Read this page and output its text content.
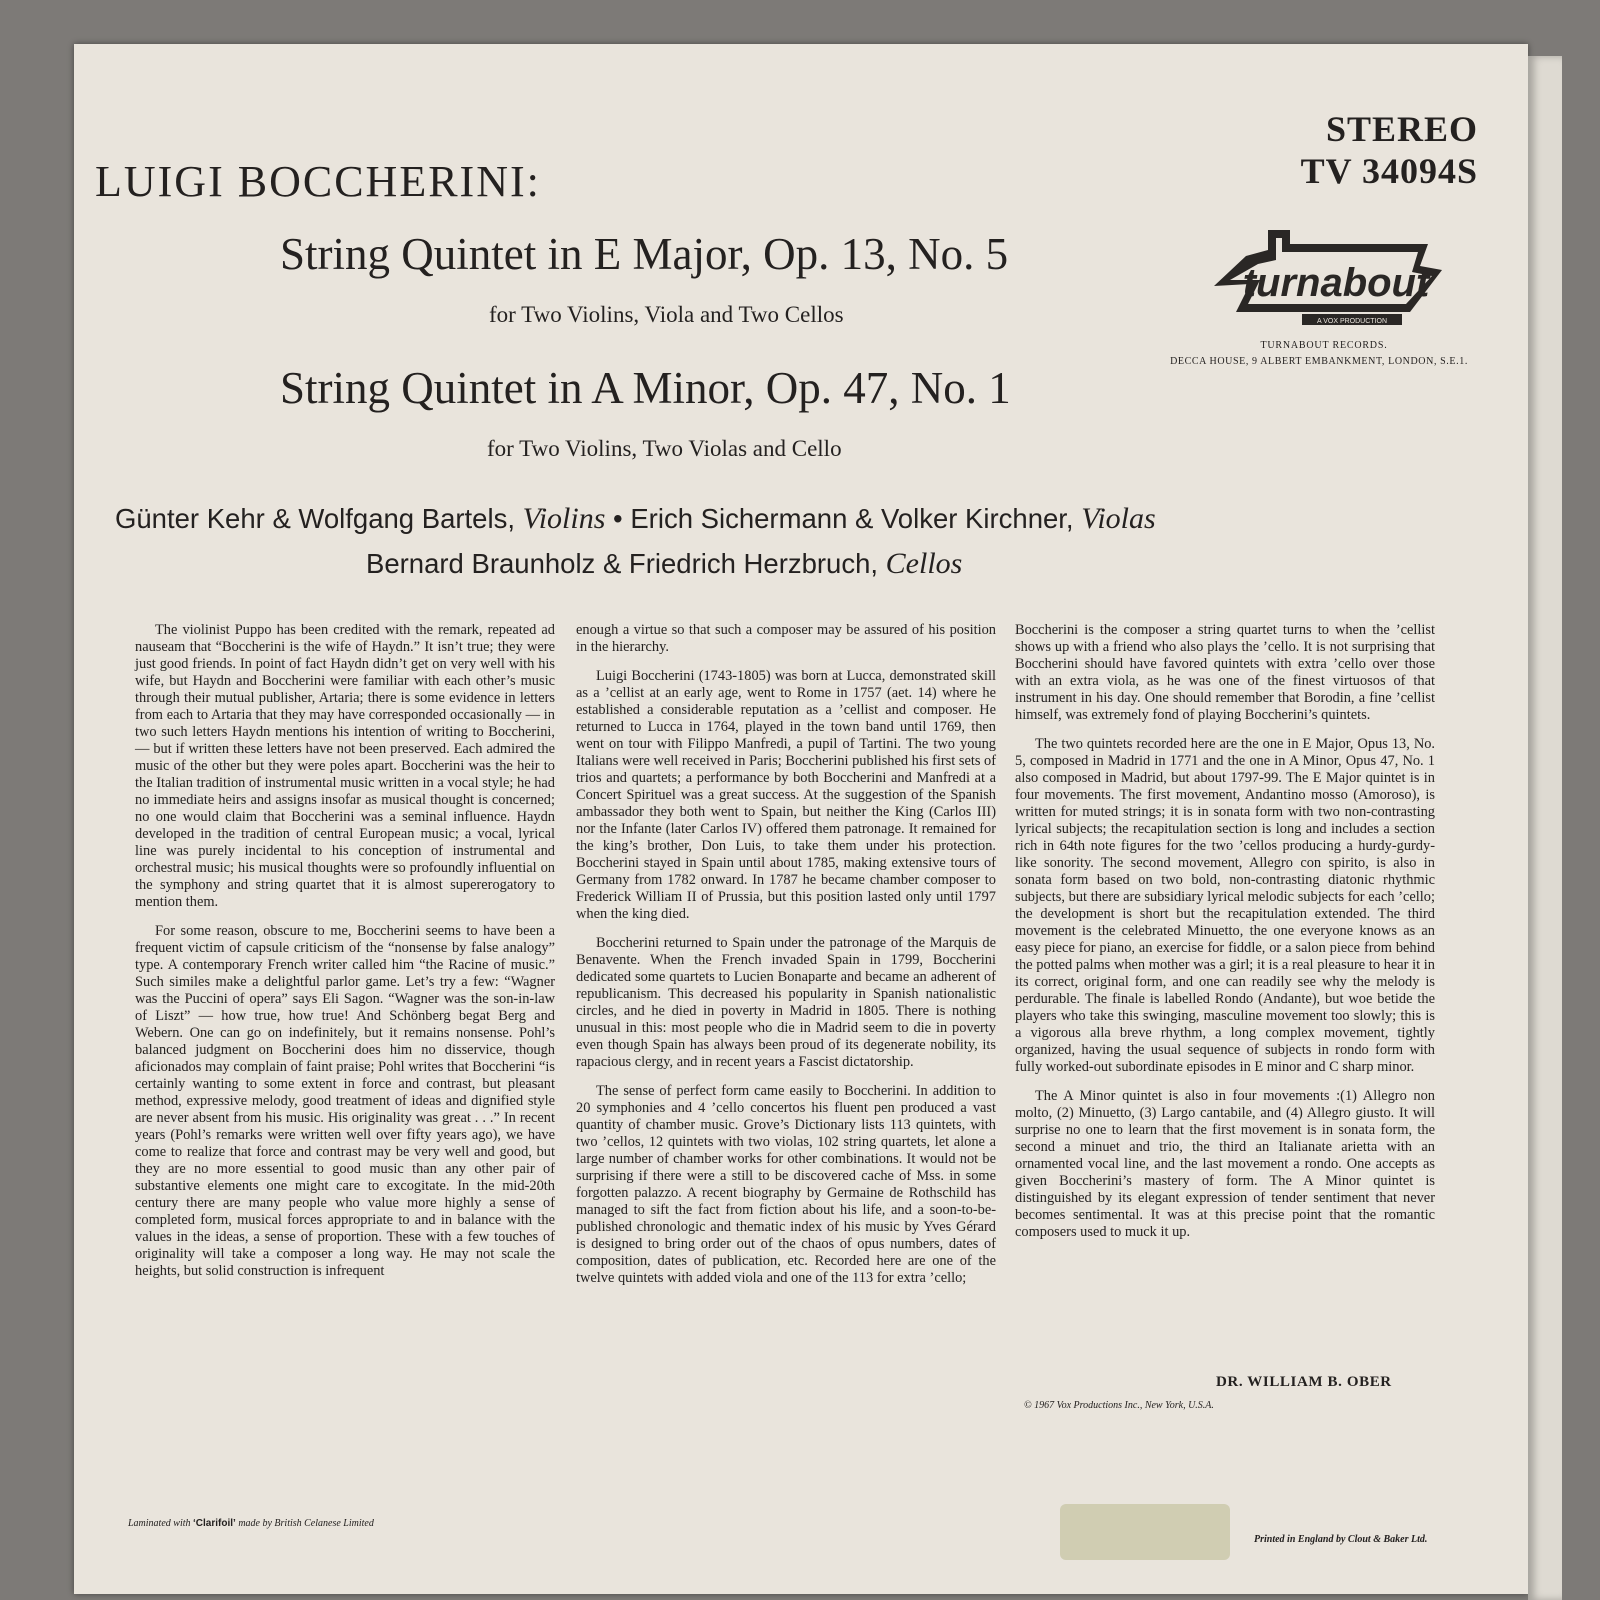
LUIGI BOCCHERINI:
String Quintet in E Major, Op. 13, No. 5
for Two Violins, Viola and Two Cellos
String Quintet in A Minor, Op. 47, No. 1
for Two Violins, Two Violas and Cello
Günter Kehr & Wolfgang Bartels, Violins • Erich Sichermann & Volker Kirchner, Violas
Bernard Braunholz & Friedrich Herzbruch, Cellos
STEREO
TV 34094S
turnabout
A VOX PRODUCTION
TURNABOUT RECORDS.
DECCA HOUSE, 9 ALBERT EMBANKMENT, LONDON, S.E.1.

The violinist Puppo has been credited with the remark, repeated ad nauseam that “Boccherini is the wife of Haydn.” It isn’t true; they were just good friends. In point of fact Haydn didn’t get on very well with his wife, but Haydn and Boccherini were familiar with each other’s music through their mutual publisher, Artaria; there is some evidence in letters from each to Artaria that they may have corresponded occasionally — in two such letters Haydn mentions his intention of writing to Boccherini, — but if written these letters have not been preserved. Each admired the music of the other but they were poles apart. Boccherini was the heir to the Italian tradition of instrumental music written in a vocal style; he had no immediate heirs and assigns insofar as musical thought is concerned; no one would claim that Boccherini was a seminal influence. Haydn developed in the tradition of central European music; a vocal, lyrical line was purely incidental to his conception of instrumental and orchestral music; his musical thoughts were so profoundly influential on the symphony and string quartet that it is almost supererogatory to mention them.

For some reason, obscure to me, Boccherini seems to have been a frequent victim of capsule criticism of the “nonsense by false analogy” type. A contemporary French writer called him “the Racine of music.” Such similes make a delightful parlor game. Let’s try a few: “Wagner was the Puccini of opera” says Eli Sagon. “Wagner was the son-in-law of Liszt” — how true, how true! And Schönberg begat Berg and Webern. One can go on indefinitely, but it remains nonsense. Pohl’s balanced judgment on Boccherini does him no disservice, though aficionados may complain of faint praise; Pohl writes that Boccherini “is certainly wanting to some extent in force and contrast, but pleasant method, expressive melody, good treatment of ideas and dignified style are never absent from his music. His originality was great . . .” In recent years (Pohl’s remarks were written well over fifty years ago), we have come to realize that force and contrast may be very well and good, but they are no more essential to good music than any other pair of substantive elements one might care to excogitate. In the mid-20th century there are many people who value more highly a sense of completed form, musical forces appropriate to and in balance with the values in the ideas, a sense of proportion. These with a few touches of originality will take a composer a long way. He may not scale the heights, but solid construction is infrequent

enough a virtue so that such a composer may be assured of his position in the hierarchy.

Luigi Boccherini (1743-1805) was born at Lucca, demonstrated skill as a ’cellist at an early age, went to Rome in 1757 (aet. 14) where he established a considerable reputation as a ’cellist and composer. He returned to Lucca in 1764, played in the town band until 1769, then went on tour with Filippo Manfredi, a pupil of Tartini. The two young Italians were well received in Paris; Boccherini published his first sets of trios and quartets; a performance by both Boccherini and Manfredi at a Concert Spirituel was a great success. At the suggestion of the Spanish ambassador they both went to Spain, but neither the King (Carlos III) nor the Infante (later Carlos IV) offered them patronage. It remained for the king’s brother, Don Luis, to take them under his protection. Boccherini stayed in Spain until about 1785, making extensive tours of Germany from 1782 onward. In 1787 he became chamber composer to Frederick William II of Prussia, but this position lasted only until 1797 when the king died.

Boccherini returned to Spain under the patronage of the Marquis de Benavente. When the French invaded Spain in 1799, Boccherini dedicated some quartets to Lucien Bonaparte and became an adherent of republicanism. This decreased his popularity in Spanish nationalistic circles, and he died in poverty in Madrid in 1805. There is nothing unusual in this: most people who die in Madrid seem to die in poverty even though Spain has always been proud of its degenerate nobility, its rapacious clergy, and in recent years a Fascist dictatorship.

The sense of perfect form came easily to Boccherini. In addition to 20 symphonies and 4 ’cello concertos his fluent pen produced a vast quantity of chamber music. Grove’s Dictionary lists 113 quintets, with two ’cellos, 12 quintets with two violas, 102 string quartets, let alone a large number of chamber works for other combinations. It would not be surprising if there were a still to be discovered cache of Mss. in some forgotten palazzo. A recent biography by Germaine de Rothschild has managed to sift the fact from fiction about his life, and a soon-to-be-published chronologic and thematic index of his music by Yves Gérard is designed to bring order out of the chaos of opus numbers, dates of composition, dates of publication, etc. Recorded here are one of the twelve quintets with added viola and one of the 113 for extra ’cello;

Boccherini is the composer a string quartet turns to when the ’cellist shows up with a friend who also plays the ’cello. It is not surprising that Boccherini should have favored quintets with extra ’cello over those with an extra viola, as he was one of the finest virtuosos of that instrument in his day. One should remember that Borodin, a fine ’cellist himself, was extremely fond of playing Boccherini’s quintets.

The two quintets recorded here are the one in E Major, Opus 13, No. 5, composed in Madrid in 1771 and the one in A Minor, Opus 47, No. 1 also composed in Madrid, but about 1797-99. The E Major quintet is in four movements. The first movement, Andantino mosso (Amoroso), is written for muted strings; it is in sonata form with two non-contrasting lyrical subjects; the recapitulation section is long and includes a section rich in 64th note figures for the two ’cellos producing a hurdy-gurdy-like sonority. The second movement, Allegro con spirito, is also in sonata form based on two bold, non-contrasting diatonic rhythmic subjects, but there are subsidiary lyrical melodic subjects for each ’cello; the development is short but the recapitulation extended. The third movement is the celebrated Minuetto, the one everyone knows as an easy piece for piano, an exercise for fiddle, or a salon piece from behind the potted palms when mother was a girl; it is a real pleasure to hear it in its correct, original form, and one can readily see why the melody is perdurable. The finale is labelled Rondo (Andante), but woe betide the players who take this swinging, masculine movement too slowly; this is a vigorous alla breve rhythm, a long complex movement, tightly organized, having the usual sequence of subjects in rondo form with fully worked-out subordinate episodes in E minor and C sharp minor.

The A Minor quintet is also in four movements :(1) Allegro non molto, (2) Minuetto, (3) Largo cantabile, and (4) Allegro giusto. It will surprise no one to learn that the first movement is in sonata form, the second a minuet and trio, the third an Italianate arietta with an ornamented vocal line, and the last movement a rondo. One accepts as given Boccherini’s mastery of form. The A Minor quintet is distinguished by its elegant expression of tender sentiment that never becomes sentimental. It was at this precise point that the romantic composers used to muck it up.

DR. WILLIAM B. OBER
© 1967 Vox Productions Inc., New York, U.S.A.
Laminated with ‘Clarifoil’ made by British Celanese Limited
Printed in England by Clout & Baker Ltd.
